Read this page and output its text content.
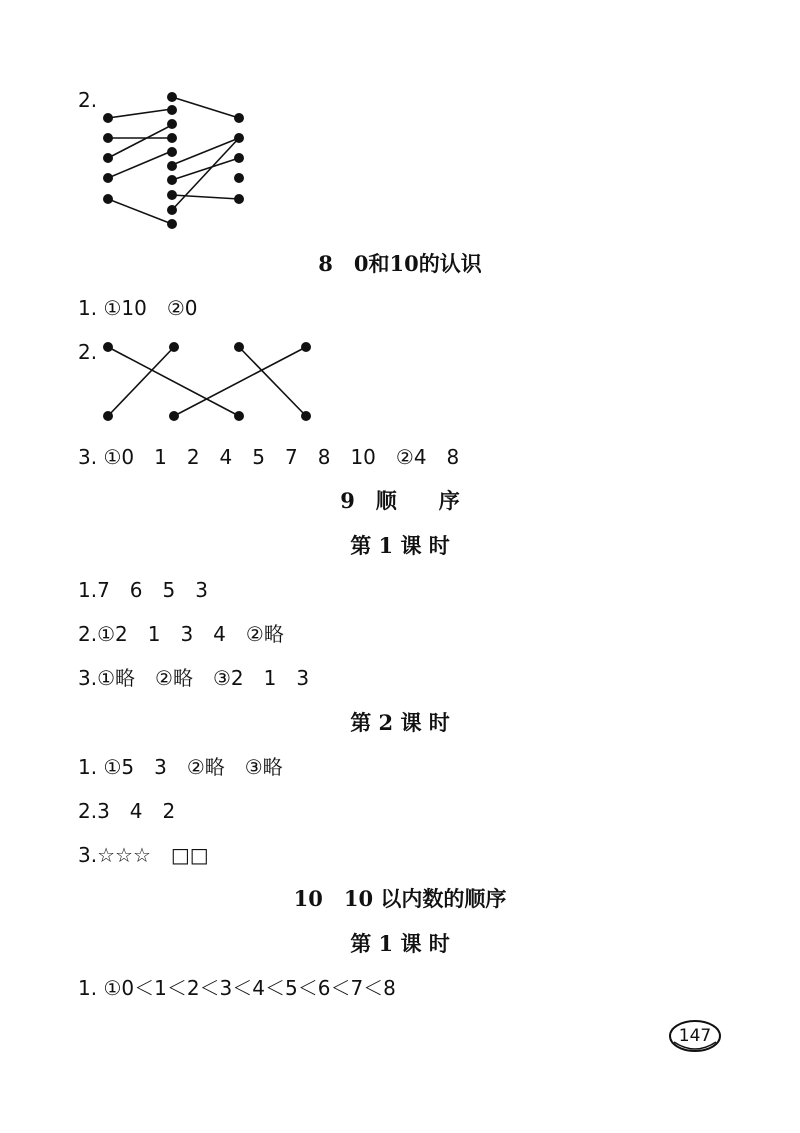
2.
8　0和10的认识
1. ①10　②0
2.
3. ①0　1　2　4　5　7　8　10　②4　8
9　顺　　序
第 1 课 时
1.7　6　5　3
2.①2　1　3　4　②略
3.①略　②略　③2　1　3
第 2 课 时
1. ①5　3　②略　③略
2.3　4　2
3.☆☆☆　□□
10　10 以内数的顺序
第 1 课 时
1. ①0＜1＜2＜3＜4＜5＜6＜7＜8
147
